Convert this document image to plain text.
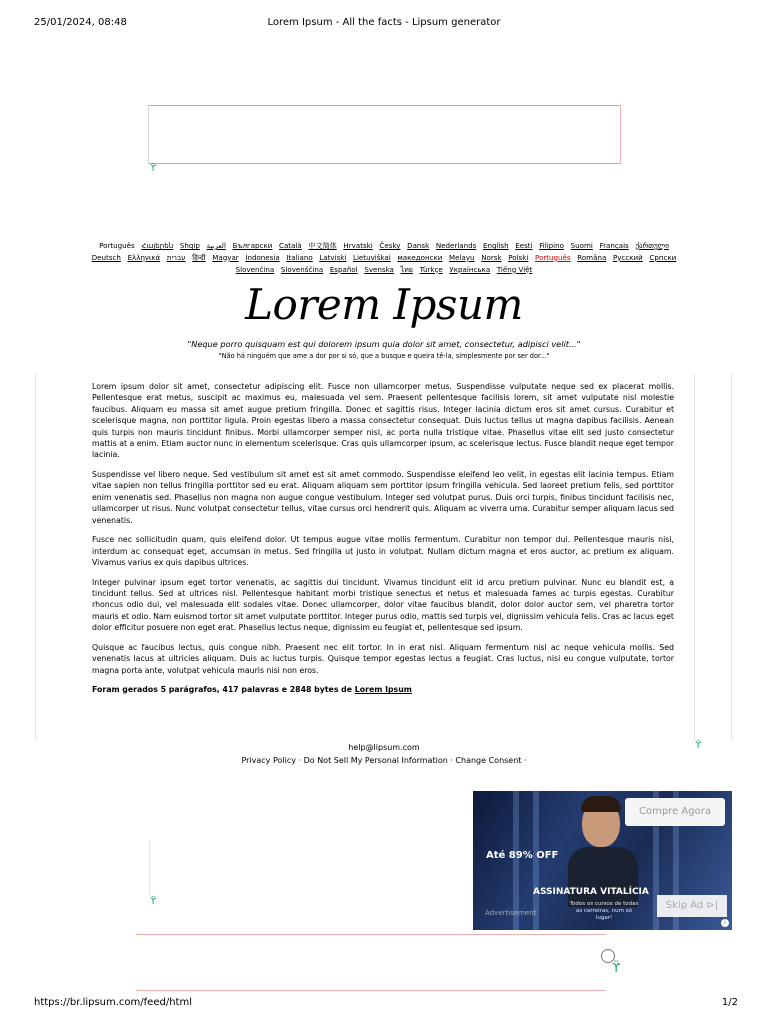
25/01/2024, 08:48	Lorem Ipsum - All the facts - Lipsum generator
ϔ
Português Հայերեն Shqip العربية Български Català 中文简体 Hrvatski Česky Dansk Nederlands English Eesti Filipino Suomi Français ქართული Deutsch Ελληνικά עברית हिन्दी Magyar Indonesia Italiano Latviski Lietuviškai македонски Melayu Norsk Polski Português Româna Pyccкий Српски Slovenčina Slovenščina Español Svenska ไทย Türkçe Українська Tiếng Việt
Lorem Ipsum
"Neque porro quisquam est qui dolorem ipsum quia dolor sit amet, consectetur, adipisci velit..."
"Não há ninguém que ame a dor por si só, que a busque e queira tê-la, simplesmente por ser dor..."
ϔ

Lorem ipsum dolor sit amet, consectetur adipiscing elit. Fusce non ullamcorper metus. Suspendisse vulputate neque sed ex placerat mollis. Pellentesque erat metus, suscipit ac maximus eu, malesuada vel sem. Praesent pellentesque facilisis lorem, sit amet vulputate nisl molestie faucibus. Aliquam eu massa sit amet augue pretium fringilla. Donec et sagittis risus. Integer lacinia dictum eros sit amet cursus. Curabitur et scelerisque magna, non porttitor ligula. Proin egestas libero a massa consectetur consequat. Duis luctus tellus ut magna dapibus facilisis. Aenean quis turpis non mauris tincidunt finibus. Morbi ullamcorper semper nisl, ac porta nulla tristique vitae. Phasellus vitae elit sed justo consectetur mattis at a enim. Etiam auctor nunc in elementum scelerisque. Cras quis ullamcorper ipsum, ac scelerisque lectus. Fusce blandit neque eget tempor lacinia.

Suspendisse vel libero neque. Sed vestibulum sit amet est sit amet commodo. Suspendisse eleifend leo velit, in egestas elit lacinia tempus. Etiam vitae sapien non tellus fringilla porttitor sed eu erat. Aliquam aliquam sem porttitor ipsum fringilla vehicula. Sed laoreet pretium felis, sed porttitor enim venenatis sed. Phasellus non magna non augue congue vestibulum. Integer sed volutpat purus. Duis orci turpis, finibus tincidunt facilisis nec, ullamcorper ut risus. Nunc volutpat consectetur tellus, vitae cursus orci hendrerit quis. Aliquam ac viverra urna. Curabitur semper aliquam lacus sed venenatis.

Fusce nec sollicitudin quam, quis eleifend dolor. Ut tempus augue vitae mollis fermentum. Curabitur non tempor dui. Pellentesque mauris nisi, interdum ac consequat eget, accumsan in metus. Sed fringilla ut justo in volutpat. Nullam dictum magna et eros auctor, ac pretium ex aliquam. Vivamus varius ex quis dapibus ultrices.

Integer pulvinar ipsum eget tortor venenatis, ac sagittis dui tincidunt. Vivamus tincidunt elit id arcu pretium pulvinar. Nunc eu blandit est, a tincidunt tellus. Sed at ultrices nisl. Pellentesque habitant morbi tristique senectus et netus et malesuada fames ac turpis egestas. Curabitur rhoncus odio dui, vel malesuada elit sodales vitae. Donec ullamcorper, dolor vitae faucibus blandit, dolor dolor auctor sem, vel pharetra tortor mauris et odio. Nam euismod tortor sit amet vulputate porttitor. Integer purus odio, mattis sed turpis vel, dignissim vehicula felis. Cras ac lacus eget dolor efficitur posuere non eget erat. Phasellus lectus neque, dignissim eu feugiat et, pellentesque sed ipsum.

Quisque ac faucibus lectus, quis congue nibh. Praesent nec elit tortor. In in erat nisl. Aliquam fermentum nisl ac neque vehicula mollis. Sed venenatis lacus at ultricies aliquam. Duis ac luctus turpis. Quisque tempor egestas lectus a feugiat. Cras luctus, nisi eu congue vulputate, tortor magna porta ante, volutpat vehicula mauris nisi non eros.

Foram gerados 5 parágrafos, 417 palavras e 2848 bytes de Lorem Ipsum
help@lipsum.com
Privacy Policy · Do Not Sell My Personal Information · Change Consent ·
ϔ
Até 89% OFF
ASSINATURA VITALÍCIA
Todos os cursos de todas as carreiras, num só lugar!
Advertisement
Compre Agora
Skip Ad ⊳|
i
ϔ
https://br.lipsum.com/feed/html	1/2
